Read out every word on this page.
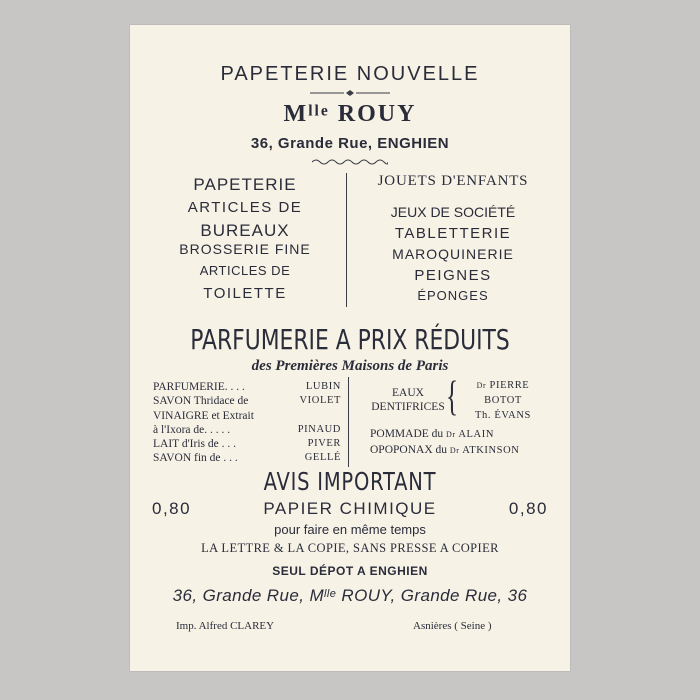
PAPETERIE NOUVELLE
$M^{lle}$ ROUY
36, Grande Rue, ENGHIEN
PAPETERIE
ARTICLES DE
BUREAUX
BROSSERIE FINE
ARTICLES DE
TOILETTE
JOUETS D'ENFANTS
JEUX DE SOCIÉTÉ
TABLETTERIE
MAROQUINERIE
PEIGNES
ÉPONGES
PARFUMERIE A PRIX RÉDUITS
des Premières Maisons de Paris
PARFUMERIE. . . .	LUBIN
SAVON Thridace de	VIOLET
VINAIGRE et Extrait
à l'Ixora de. . . . .	PINAUD
LAIT d'Iris de . . .	PIVER
SAVON fin de . . .	GELLÉ
EAUX
DENTIFRICES {	Dr PIERRE
BOTOT
Th. ÉVANS
POMMADE du Dr ALAIN
OPOPONAX du Dr ATKINSON
AVIS IMPORTANT
0,80	PAPIER CHIMIQUE	0,80
pour faire en même temps
LA LETTRE & LA COPIE, SANS PRESSE A COPIER
SEUL DÉPOT A ENGHIEN
36, Grande Rue, $M^{lle}$ ROUY, Grande Rue, 36
Imp. Alfred CLAREY	Asnières ( Seine )
